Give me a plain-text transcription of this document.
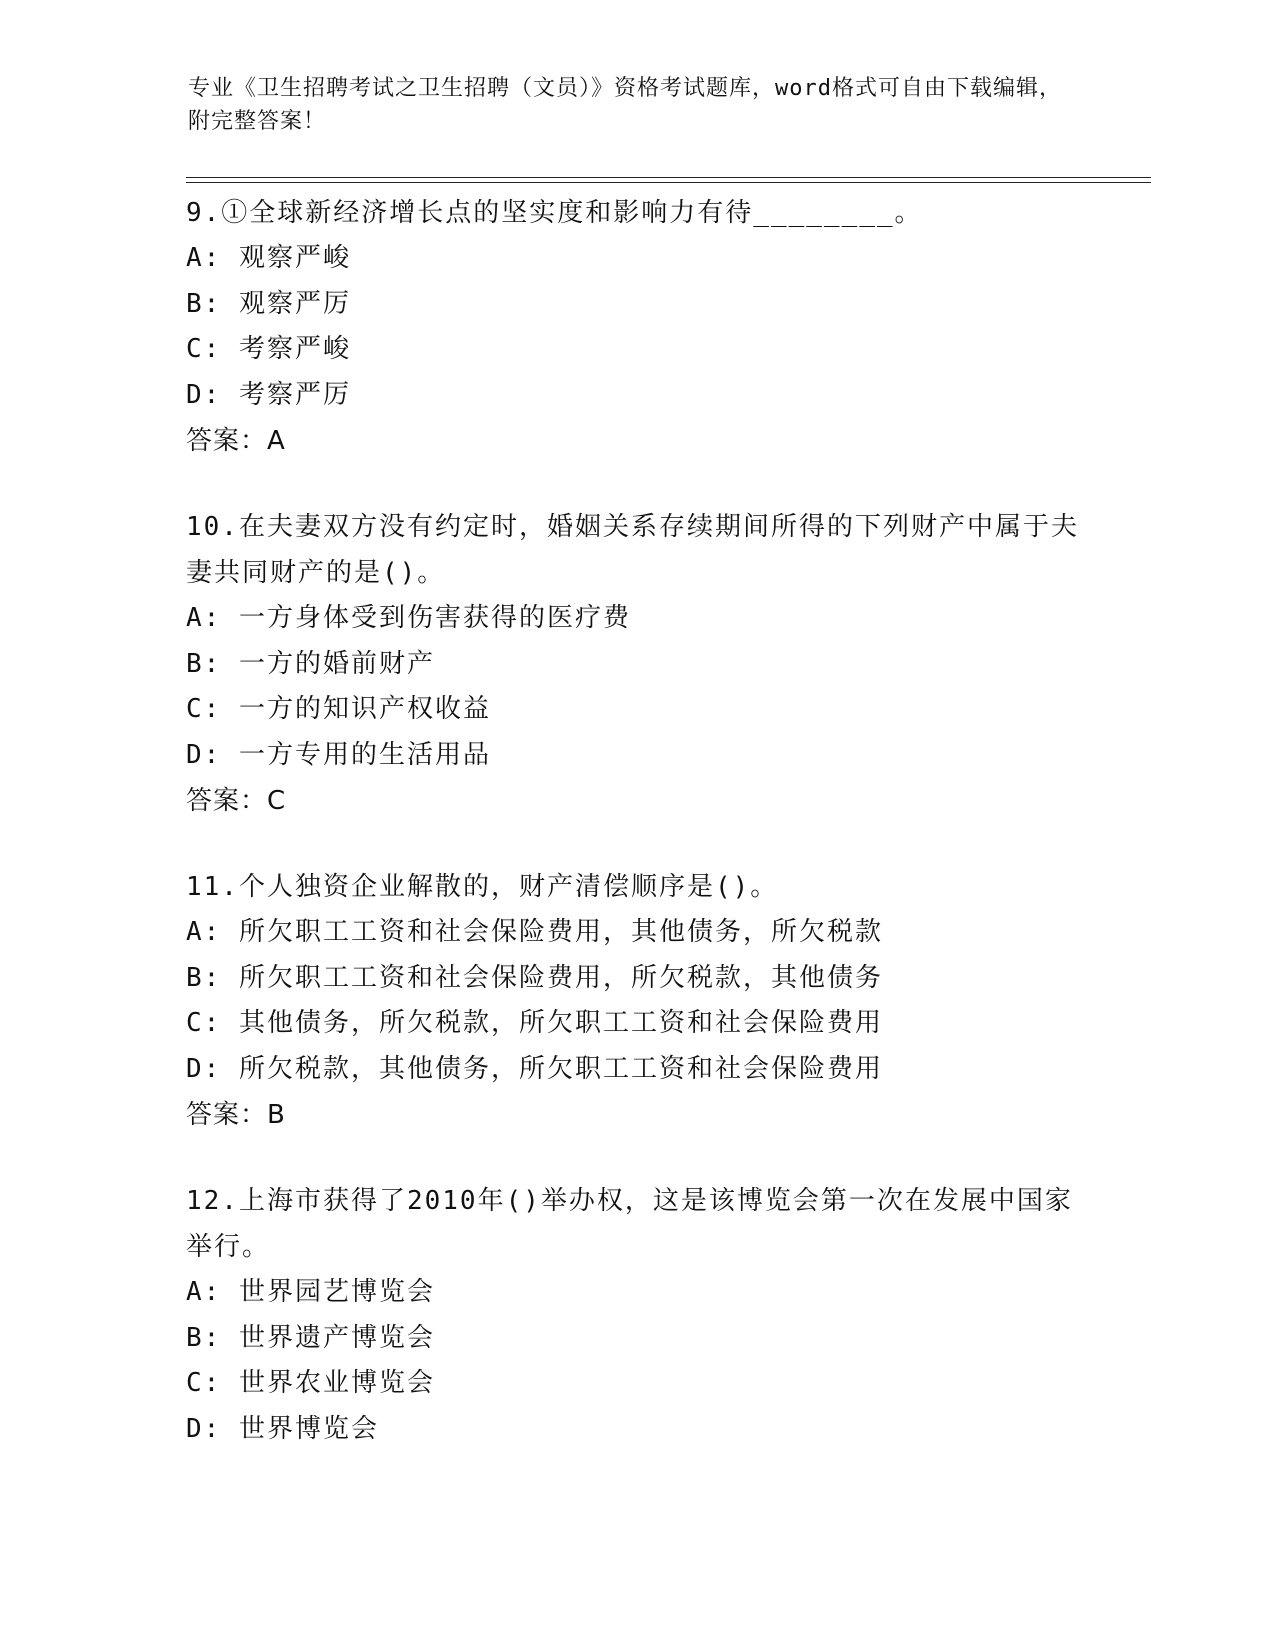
专业《卫生招聘考试之卫生招聘（文员）》资格考试题库，word格式可自由下载编辑，附完整答案！
9.①全球新经济增长点的坚实度和影响力有待________。
A: 观察严峻
B: 观察严厉
C: 考察严峻
D: 考察严厉
答案：A
10.在夫妻双方没有约定时，婚姻关系存续期间所得的下列财产中属于夫妻共同财产的是()。
A: 一方身体受到伤害获得的医疗费
B: 一方的婚前财产
C: 一方的知识产权收益
D: 一方专用的生活用品
答案：C
11.个人独资企业解散的，财产清偿顺序是()。
A: 所欠职工工资和社会保险费用，其他债务，所欠税款
B: 所欠职工工资和社会保险费用，所欠税款，其他债务
C: 其他债务，所欠税款，所欠职工工资和社会保险费用
D: 所欠税款，其他债务，所欠职工工资和社会保险费用
答案：B
12.上海市获得了2010年()举办权，这是该博览会第一次在发展中国家举行。
A: 世界园艺博览会
B: 世界遗产博览会
C: 世界农业博览会
D: 世界博览会
